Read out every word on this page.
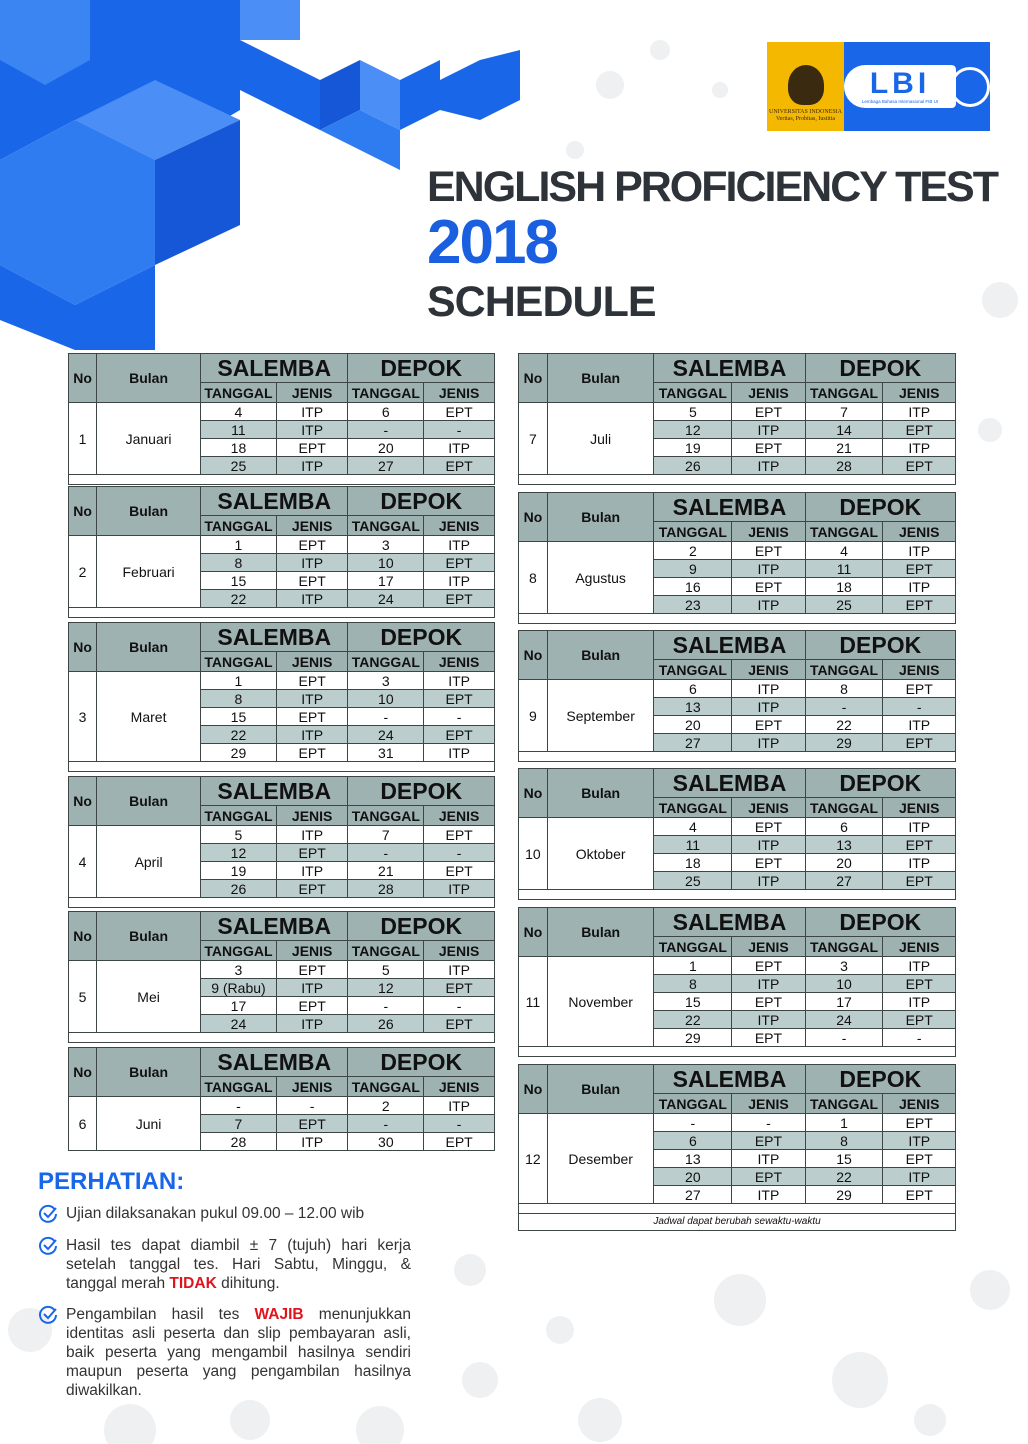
UNIVERSITAS INDONESIA
Veritas, Probitas, Iustitia
LBI
Lembaga Bahasa Internasional FIB UI
ENGLISH PROFICIENCY TEST
2018
SCHEDULE
No	Bulan	SALEMBA		DEPOK	
		TANGGAL	JENIS	TANGGAL	JENIS
1	Januari	4	ITP	6	EPT
		11	ITP	-	-
		18	EPT	20	ITP
		25	ITP	27	EPT

No	Bulan	SALEMBA		DEPOK	
		TANGGAL	JENIS	TANGGAL	JENIS
2	Februari	1	EPT	3	ITP
		8	ITP	10	EPT
		15	EPT	17	ITP
		22	ITP	24	EPT

No	Bulan	SALEMBA		DEPOK	
		TANGGAL	JENIS	TANGGAL	JENIS
3	Maret	1	EPT	3	ITP
		8	ITP	10	EPT
		15	EPT	-	-
		22	ITP	24	EPT
		29	EPT	31	ITP

No	Bulan	SALEMBA		DEPOK	
		TANGGAL	JENIS	TANGGAL	JENIS
4	April	5	ITP	7	EPT
		12	EPT	-	-
		19	ITP	21	EPT
		26	EPT	28	ITP

No	Bulan	SALEMBA		DEPOK	
		TANGGAL	JENIS	TANGGAL	JENIS
5	Mei	3	EPT	5	ITP
		9 (Rabu)	ITP	12	EPT
		17	EPT	-	-
		24	ITP	26	EPT

No	Bulan	SALEMBA		DEPOK	
		TANGGAL	JENIS	TANGGAL	JENIS
6	Juni	-	-	2	ITP
		7	EPT	-	-
		28	ITP	30	EPT
No	Bulan	SALEMBA		DEPOK	
		TANGGAL	JENIS	TANGGAL	JENIS
7	Juli	5	EPT	7	ITP
		12	ITP	14	EPT
		19	EPT	21	ITP
		26	ITP	28	EPT

No	Bulan	SALEMBA		DEPOK	
		TANGGAL	JENIS	TANGGAL	JENIS
8	Agustus	2	EPT	4	ITP
		9	ITP	11	EPT
		16	EPT	18	ITP
		23	ITP	25	EPT

No	Bulan	SALEMBA		DEPOK	
		TANGGAL	JENIS	TANGGAL	JENIS
9	September	6	ITP	8	EPT
		13	ITP	-	-
		20	EPT	22	ITP
		27	ITP	29	EPT

No	Bulan	SALEMBA		DEPOK	
		TANGGAL	JENIS	TANGGAL	JENIS
10	Oktober	4	EPT	6	ITP
		11	ITP	13	EPT
		18	EPT	20	ITP
		25	ITP	27	EPT

No	Bulan	SALEMBA		DEPOK	
		TANGGAL	JENIS	TANGGAL	JENIS
11	November	1	EPT	3	ITP
		8	ITP	10	EPT
		15	EPT	17	ITP
		22	ITP	24	EPT
		29	EPT	-	-

No	Bulan	SALEMBA		DEPOK	
		TANGGAL	JENIS	TANGGAL	JENIS
12	Desember	-	-	1	EPT
		6	EPT	8	ITP
		13	ITP	15	EPT
		20	EPT	22	ITP
		27	ITP	29	EPT

Jadwal dapat berubah sewaktu-waktu					
PERHATIAN:
Ujian dilaksanakan pukul 09.00 – 12.00 wib
Hasil tes dapat diambil ± 7 (tujuh) hari kerja setelah tanggal tes. Hari Sabtu, Minggu, & tanggal merah TIDAK dihitung.
Pengambilan hasil tes WAJIB menunjukkan identitas asli peserta dan slip pembayaran asli, baik peserta yang mengambil hasilnya sendiri maupun peserta yang pengambilan hasilnya diwakilkan.
